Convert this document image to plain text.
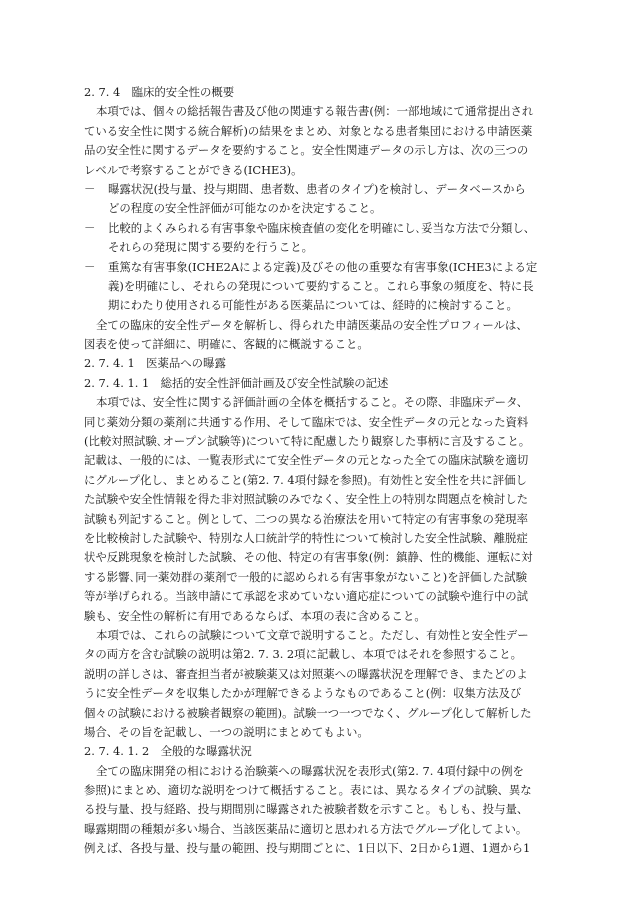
2. 7. 4　臨床的安全性の概要
本項では、個々の総括報告書及び他の関連する報告書(例：一部地域にて通常提出され
ている安全性に関する統合解析)の結果をまとめ、対象となる患者集団における申請医薬
品の安全性に関するデータを要約すること。安全性関連データの示し方は、次の三つの
レベルで考察することができる(ICHE3)。
－	曝露状況(投与量、投与期間、患者数、患者のタイプ)を検討し、データベースから
どの程度の安全性評価が可能なのかを決定すること。
－	比較的よくみられる有害事象や臨床検査値の変化を明確にし､妥当な方法で分類し、
それらの発現に関する要約を行うこと。
－	重篤な有害事象(ICHE2Aによる定義)及びその他の重要な有害事象(ICHE3による定
義)を明確にし、それらの発現について要約すること。これら事象の頻度を、特に長
期にわたり使用される可能性がある医薬品については、経時的に検討すること。
全ての臨床的安全性データを解析し、得られた申請医薬品の安全性プロフィールは、
図表を使って詳細に、明確に、客観的に概説すること。
2. 7. 4. 1　医薬品への曝露
2. 7. 4. 1. 1　総括的安全性評価計画及び安全性試験の記述
本項では、安全性に関する評価計画の全体を概括すること。その際、非臨床データ、
同じ薬効分類の薬剤に共通する作用、そして臨床では、安全性データの元となった資料
(比較対照試験､オープン試験等)について特に配慮したり観察した事柄に言及すること。
記載は、一般的には、一覧表形式にて安全性データの元となった全ての臨床試験を適切
にグループ化し、まとめること(第2. 7. 4項付録を参照)。有効性と安全性を共に評価し
た試験や安全性情報を得た非対照試験のみでなく、安全性上の特別な問題点を検討した
試験も列記すること。例として、二つの異なる治療法を用いて特定の有害事象の発現率
を比較検討した試験や、特別な人口統計学的特性について検討した安全性試験、離脱症
状や反跳現象を検討した試験、その他、特定の有害事象(例：鎮静、性的機能、運転に対
する影響､同一薬効群の薬剤で一般的に認められる有害事象がないこと)を評価した試験
等が挙げられる。当該申請にて承認を求めていない適応症についての試験や進行中の試
験も、安全性の解析に有用であるならば、本項の表に含めること。
本項では、これらの試験について文章で説明すること。ただし、有効性と安全性デー
タの両方を含む試験の説明は第2. 7. 3. 2項に記載し、本項ではそれを参照すること。
説明の詳しさは、審査担当者が被験薬又は対照薬への曝露状況を理解でき、またどのよ
うに安全性データを収集したかが理解できるようなものであること(例：収集方法及び
個々の試験における被験者観察の範囲)。試験一つ一つでなく、グループ化して解析した
場合、その旨を記載し、一つの説明にまとめてもよい。
2. 7. 4. 1. 2　全般的な曝露状況
全ての臨床開発の相における治験薬への曝露状況を表形式(第2. 7. 4項付録中の例を
参照)にまとめ、適切な説明をつけて概括すること。表には、異なるタイプの試験、異な
る投与量、投与経路、投与期間別に曝露された被験者数を示すこと。もしも、投与量、
曝露期間の種類が多い場合、当該医薬品に適切と思われる方法でグループ化してよい。
例えば、各投与量、投与量の範囲、投与期間ごとに、1日以下、2日から1週、1週から1
